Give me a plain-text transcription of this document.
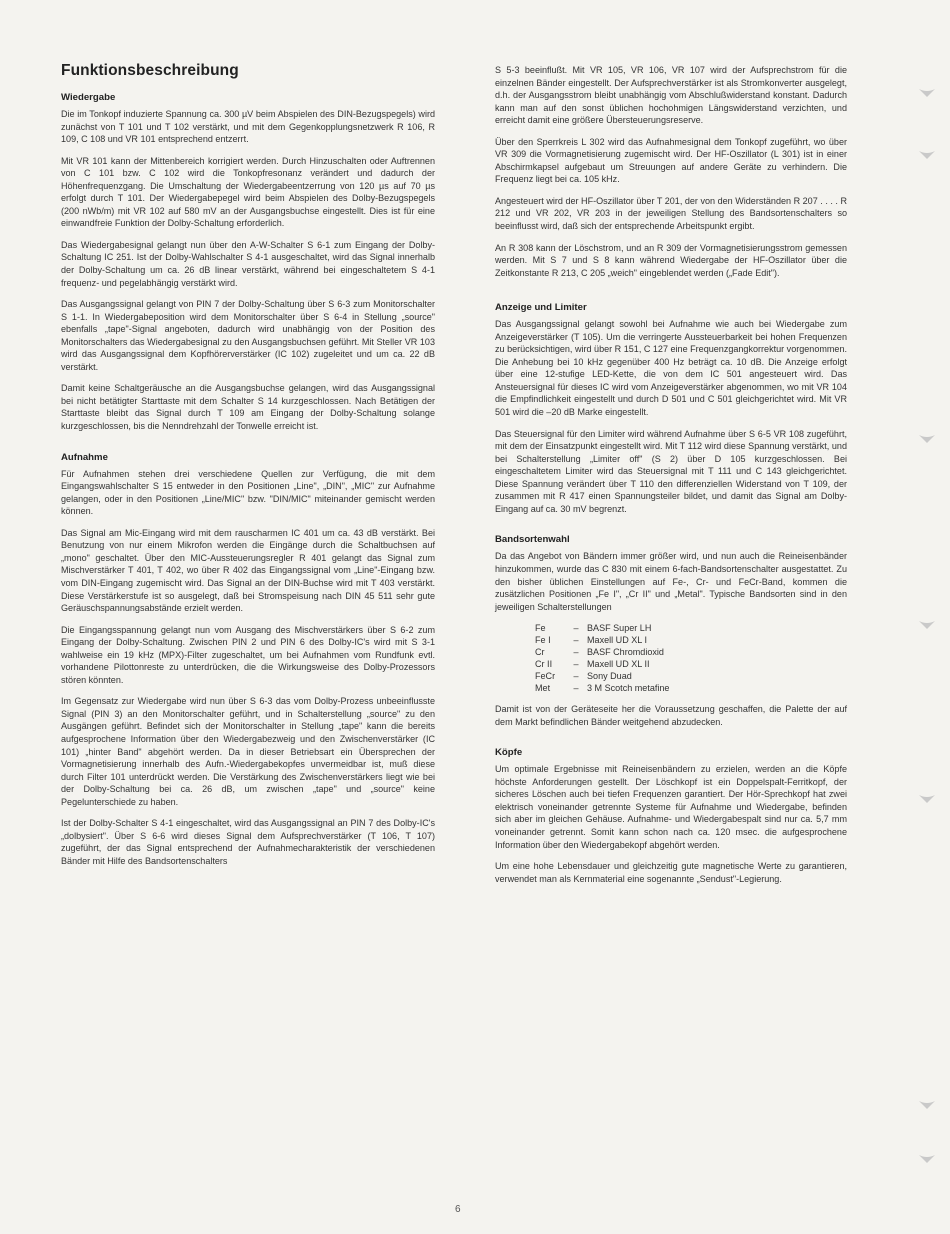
Funktionsbeschreibung
Wiedergabe

Die im Tonkopf induzierte Spannung ca. 300 µV beim Abspielen des DIN-Bezugspegels) wird zunächst von T 101 und T 102 verstärkt, und mit dem Gegenkopplungsnetzwerk R 106, R 109, C 108 und VR 101 entsprechend entzerrt.

Mit VR 101 kann der Mittenbereich korrigiert werden. Durch Hinzuschalten oder Auftrennen von C 101 bzw. C 102 wird die Tonkopfresonanz verändert und dadurch der Höhenfrequenzgang. Die Umschaltung der Wiedergabeentzerrung von 120 µs auf 70 µs erfolgt durch T 101. Der Wiedergabepegel wird beim Abspielen des Dolby-Bezugspegels (200 nWb/m) mit VR 102 auf 580 mV an der Ausgangsbuchse eingestellt. Dies ist für eine einwandfreie Funktion der Dolby-Schaltung erforderlich.

Das Wiedergabesignal gelangt nun über den A-W-Schalter S 6-1 zum Eingang der Dolby-Schaltung IC 251. Ist der Dolby-Wahlschalter S 4-1 ausgeschaltet, wird das Signal innerhalb der Dolby-Schaltung um ca. 26 dB linear verstärkt, während bei eingeschaltetem S 4-1 frequenz- und pegelabhängig verstärkt wird.

Das Ausgangssignal gelangt von PIN 7 der Dolby-Schaltung über S 6-3 zum Monitorschalter S 1-1. In Wiedergabeposition wird dem Monitorschalter über S 6-4 in Stellung „source" ebenfalls „tape"-Signal angeboten, dadurch wird unabhängig von der Position des Monitorschalters das Wiedergabesignal zu den Ausgangsbuchsen geführt. Mit Steller VR 103 wird das Ausgangssignal dem Kopfhörerverstärker (IC 102) zugeleitet und um ca. 22 dB verstärkt.

Damit keine Schaltgeräusche an die Ausgangsbuchse gelangen, wird das Ausgangssignal bei nicht betätigter Starttaste mit dem Schalter S 14 kurzgeschlossen. Nach Betätigen der Starttaste bleibt das Signal durch T 109 am Eingang der Dolby-Schaltung solange kurzgeschlossen, bis die Nenndrehzahl der Tonwelle erreicht ist.

Aufnahme

Für Aufnahmen stehen drei verschiedene Quellen zur Verfügung, die mit dem Eingangswahlschalter S 15 entweder in den Positionen „Line", „DIN", „MIC" zur Aufnahme gelangen, oder in den Positionen „Line/MIC" bzw. "DIN/MIC" miteinander gemischt werden können.

Das Signal am Mic-Eingang wird mit dem rauscharmen IC 401 um ca. 43 dB verstärkt. Bei Benutzung von nur einem Mikrofon werden die Eingänge durch die Schaltbuchsen auf „mono" geschaltet. Über den MIC-Aussteuerungsregler R 401 gelangt das Signal zum Mischverstärker T 401, T 402, wo über R 402 das Eingangssignal vom „Line"-Eingang bzw. vom DIN-Eingang zugemischt wird. Das Signal an der DIN-Buchse wird mit T 403 verstärkt. Diese Verstärkerstufe ist so ausgelegt, daß bei Stromspeisung nach DIN 45 511 sehr gute Geräuschspannungsabstände erzielt werden.

Die Eingangsspannung gelangt nun vom Ausgang des Mischverstärkers über S 6-2 zum Eingang der Dolby-Schaltung. Zwischen PIN 2 und PIN 6 des Dolby-IC's wird mit S 3-1 wahlweise ein 19 kHz (MPX)-Filter zugeschaltet, um bei Aufnahmen vom Rundfunk evtl. vorhandene Pilottonreste zu unterdrücken, die die Wirkungsweise des Dolby-Prozessors stören könnten.

Im Gegensatz zur Wiedergabe wird nun über S 6-3 das vom Dolby-Prozess unbeeinflusste Signal (PIN 3) an den Monitorschalter geführt, und in Schalterstellung „source" zu den Ausgängen geführt. Befindet sich der Monitorschalter in Stellung „tape" kann die bereits aufgesprochene Information über den Wiedergabezweig und den Zwischenverstärker (IC 101) „hinter Band" abgehört werden. Da in dieser Betriebsart ein Übersprechen der Vormagnetisierung innerhalb des Aufn.-Wiedergabekopfes unvermeidbar ist, muß diese durch Filter 101 unterdrückt werden. Die Verstärkung des Zwischenverstärkers liegt wie bei der Dolby-Schaltung bei ca. 26 dB, um zwischen „tape" und „source" keine Pegelunterschiede zu haben.

Ist der Dolby-Schalter S 4-1 eingeschaltet, wird das Ausgangssignal an PIN 7 des Dolby-IC's „dolbysiert". Über S 6-6 wird dieses Signal dem Aufsprechverstärker (T 106, T 107) zugeführt, der das Signal entsprechend der Aufnahmecharakteristik der verschiedenen Bänder mit Hilfe des Bandsortenschalters

S 5-3 beeinflußt. Mit VR 105, VR 106, VR 107 wird der Aufsprechstrom für die einzelnen Bänder eingestellt. Der Aufsprechverstärker ist als Stromkonverter ausgelegt, d.h. der Ausgangsstrom bleibt unabhängig vom Abschlußwiderstand konstant. Dadurch kann man auf den sonst üblichen hochohmigen Längswiderstand verzichten, und erreicht damit eine größere Übersteuerungsreserve.

Über den Sperrkreis L 302 wird das Aufnahmesignal dem Tonkopf zugeführt, wo über VR 309 die Vormagnetisierung zugemischt wird. Der HF-Oszillator (L 301) ist in einer Abschirmkapsel aufgebaut um Streuungen auf andere Geräte zu verhindern. Die Frequenz liegt bei ca. 105 kHz.

Angesteuert wird der HF-Oszillator über T 201, der von den Widerständen R 207 . . . . R 212 und VR 202, VR 203 in der jeweiligen Stellung des Bandsortenschalters so beeinflusst wird, daß sich der entsprechende Arbeitspunkt ergibt.

An R 308 kann der Löschstrom, und an R 309 der Vormagnetisierungsstrom gemessen werden. Mit S 7 und S 8 kann während Wiedergabe der HF-Oszillator über die Zeitkonstante R 213, C 205 „weich" eingeblendet werden („Fade Edit").

Anzeige und Limiter

Das Ausgangssignal gelangt sowohl bei Aufnahme wie auch bei Wiedergabe zum Anzeigeverstärker (T 105). Um die verringerte Aussteuerbarkeit bei hohen Frequenzen zu berücksichtigen, wird über R 151, C 127 eine Frequenzgangkorrektur vorgenommen. Die Anhebung bei 10 kHz gegenüber 400 Hz beträgt ca. 10 dB. Die Anzeige erfolgt über eine 12-stufige LED-Kette, die von dem IC 501 angesteuert wird. Das Ansteuersignal für dieses IC wird vom Anzeigeverstärker abgenommen, wo mit VR 104 die Empfindlichkeit eingestellt und durch D 501 und C 501 gleichgerichtet wird. Mit VR 501 wird die –20 dB Marke eingestellt.

Das Steuersignal für den Limiter wird während Aufnahme über S 6-5 VR 108 zugeführt, mit dem der Einsatzpunkt eingestellt wird. Mit T 112 wird diese Spannung verstärkt, und bei Schalterstellung „Limiter off" (S 2) über D 105 kurzgeschlossen. Bei eingeschaltetem Limiter wird das Steuersignal mit T 111 und C 143 gleichgerichtet. Diese Spannung verändert über T 110 den differenziellen Widerstand von T 109, der zusammen mit R 417 einen Spannungsteiler bildet, und damit das Signal am Dolby-Eingang auf ca. 30 mV begrenzt.

Bandsortenwahl

Da das Angebot von Bändern immer größer wird, und nun auch die Reineisenbänder hinzukommen, wurde das C 830 mit einem 6-fach-Bandsortenschalter ausgestattet. Zu den bisher üblichen Einstellungen auf Fe-, Cr- und FeCr-Band, kommen die zusätzlichen Positionen „Fe I", „Cr II" und „Metal". Typische Bandsorten sind in den jeweiligen Schalterstellungen

Fe	–	BASF Super LH
Fe I	–	Maxell UD XL I
Cr	–	BASF Chromdioxid
Cr II	–	Maxell UD XL II
FeCr	–	Sony Duad
Met	–	3 M Scotch metafine

Damit ist von der Geräteseite her die Voraussetzung geschaffen, die Palette der auf dem Markt befindlichen Bänder weitgehend abzudecken.

Köpfe

Um optimale Ergebnisse mit Reineisenbändern zu erzielen, werden an die Köpfe höchste Anforderungen gestellt. Der Löschkopf ist ein Doppelspalt-Ferritkopf, der sicheres Löschen auch bei tiefen Frequenzen garantiert. Der Hör-Sprechkopf hat zwei elektrisch voneinander getrennte Systeme für Aufnahme und Wiedergabe, befinden sich aber im gleichen Gehäuse. Aufnahme- und Wiedergabespalt sind nur ca. 5,7 mm voneinander getrennt. Somit kann schon nach ca. 120 msec. die aufgesprochene Information über den Wiedergabekopf abgehört werden.

Um eine hohe Lebensdauer und gleichzeitig gute magnetische Werte zu garantieren, verwendet man als Kernmaterial eine sogenannte „Sendust"-Legierung.

6
